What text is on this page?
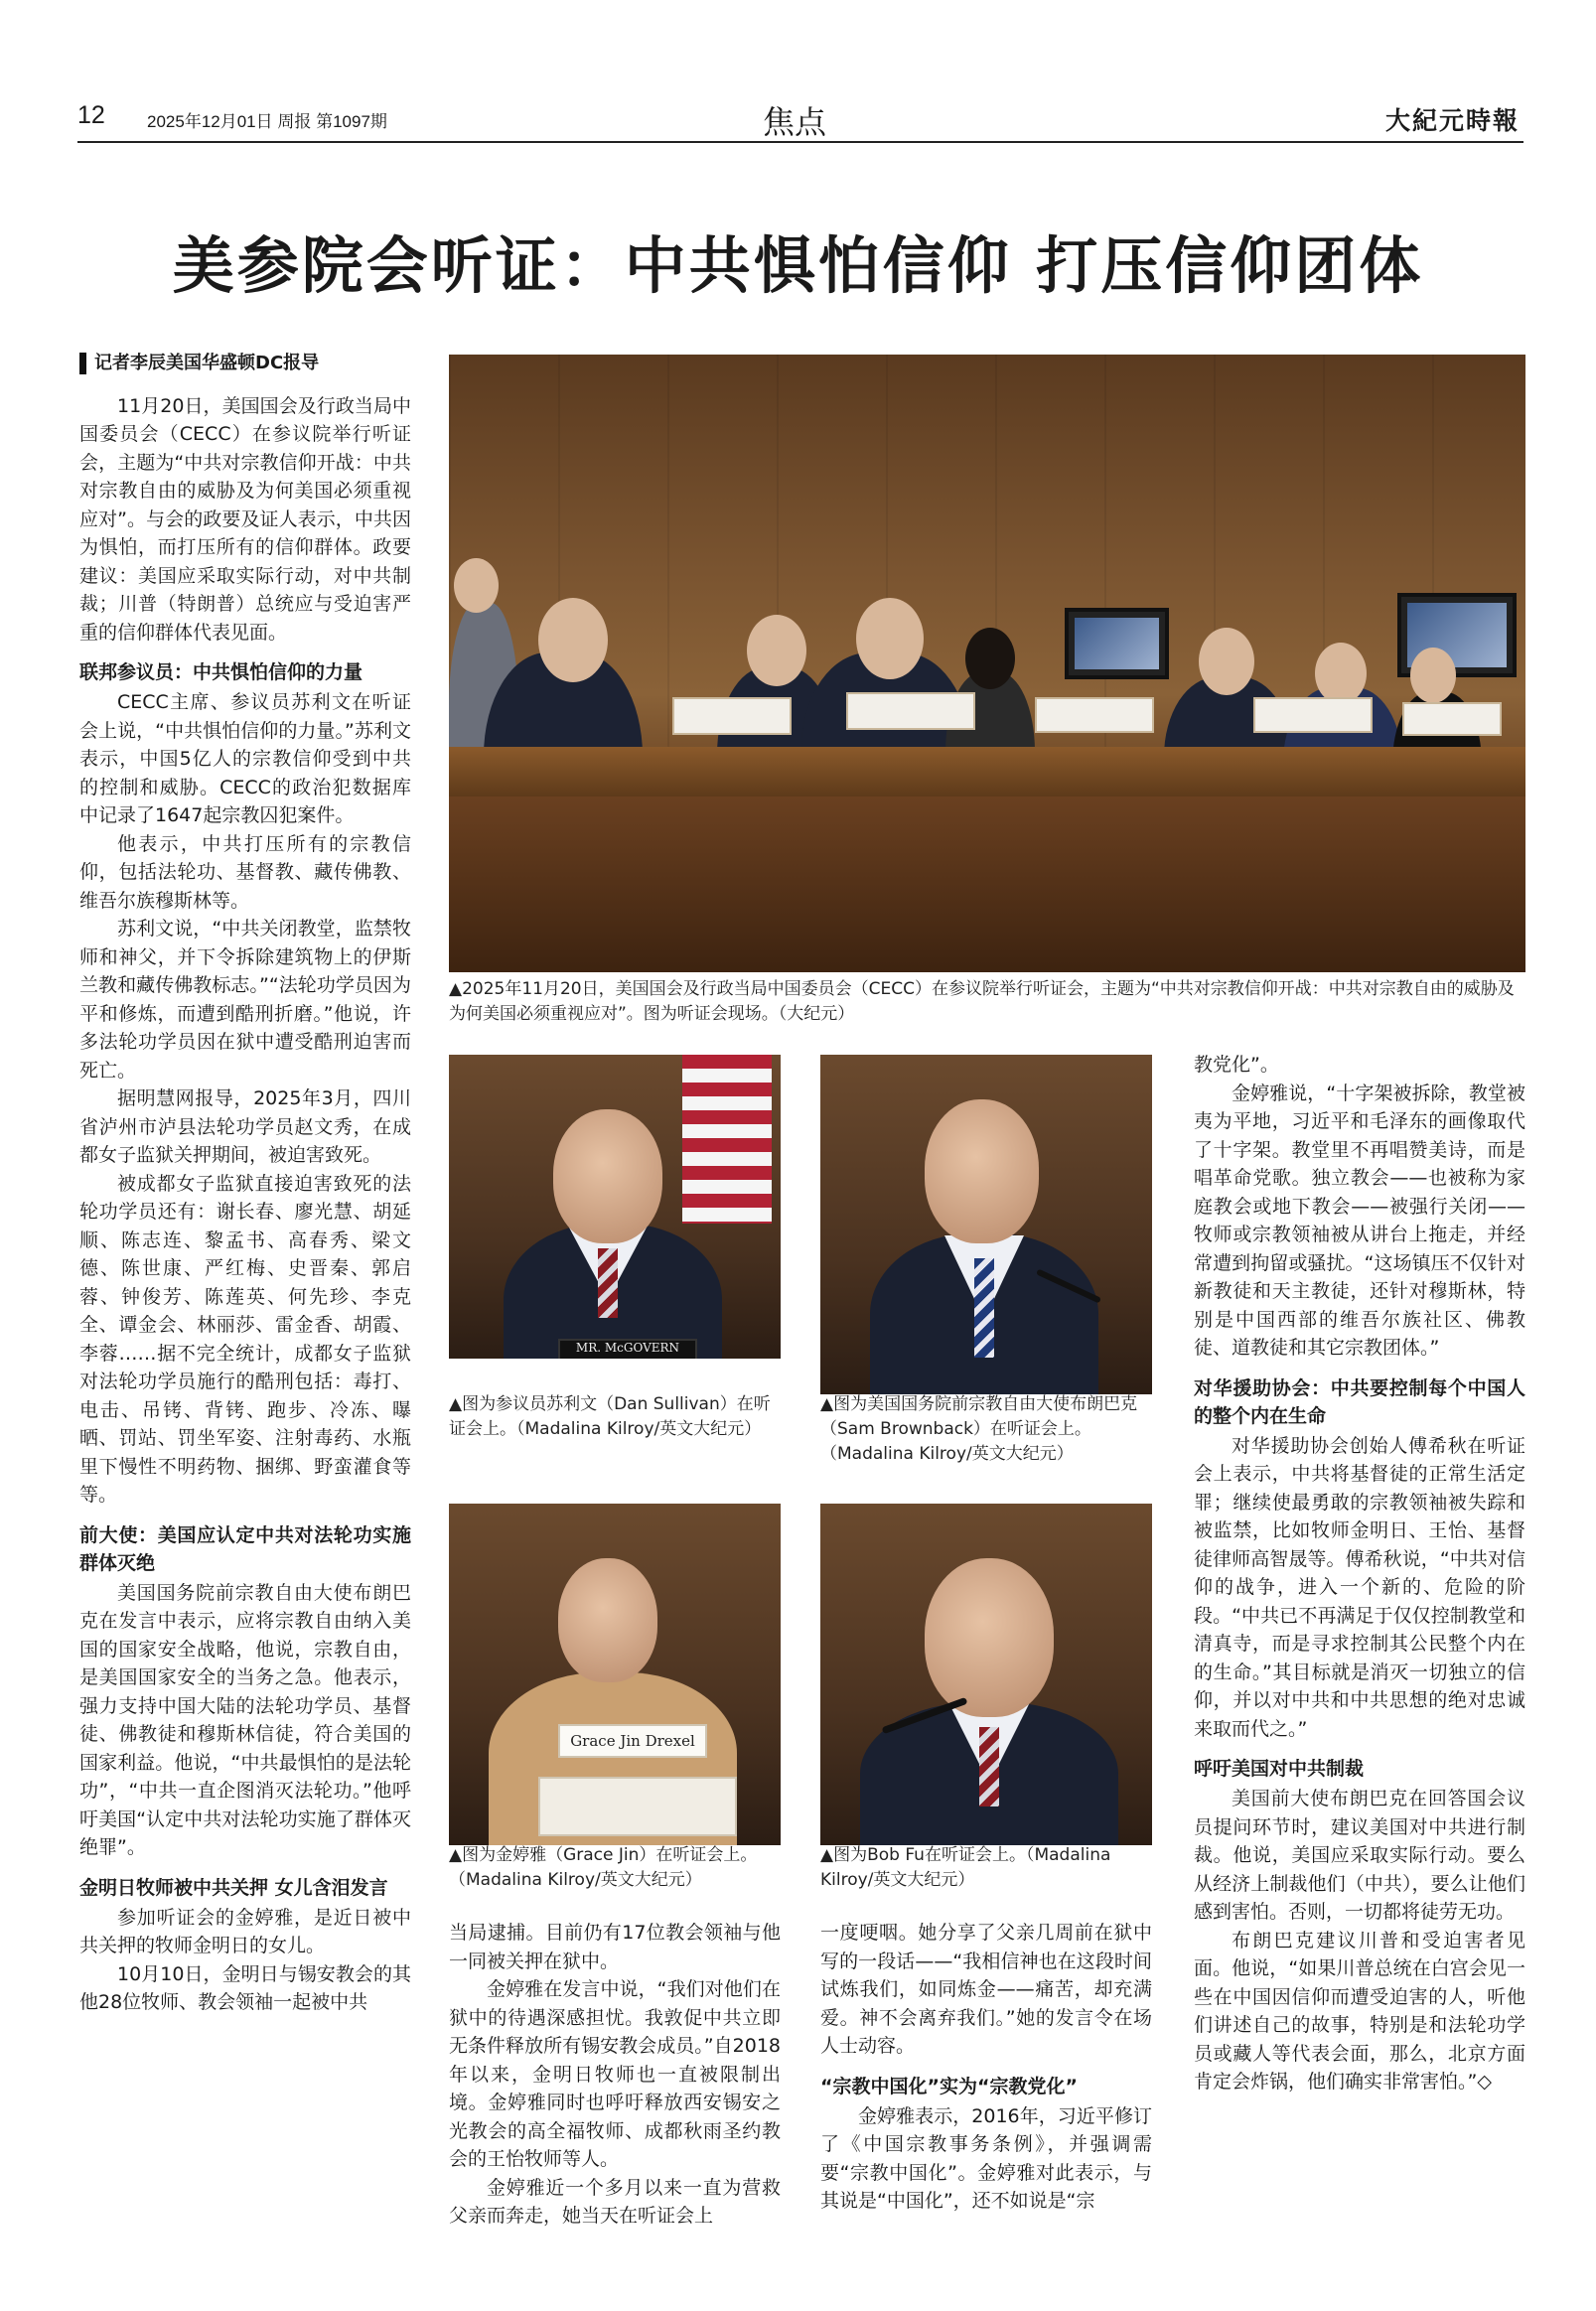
12 2025年12月01日 周报 第1097期	焦点	大紀元時報
美参院会听证：中共惧怕信仰 打压信仰团体
记者李辰美国华盛顿DC报导

11月20日，美国国会及行政当局中国委员会（CECC）在参议院举行听证会，主题为“中共对宗教信仰开战：中共对宗教自由的威胁及为何美国必须重视应对”。与会的政要及证人表示，中共因为惧怕，而打压所有的信仰群体。政要建议：美国应采取实际行动，对中共制裁；川普（特朗普）总统应与受迫害严重的信仰群体代表见面。

联邦参议员：中共惧怕信仰的力量

CECC主席、参议员苏利文在听证会上说，“中共惧怕信仰的力量。”苏利文表示，中国5亿人的宗教信仰受到中共的控制和威胁。CECC的政治犯数据库中记录了1647起宗教囚犯案件。

他表示，中共打压所有的宗教信仰，包括法轮功、基督教、藏传佛教、维吾尔族穆斯林等。

苏利文说，“中共关闭教堂，监禁牧师和神父，并下令拆除建筑物上的伊斯兰教和藏传佛教标志。”“法轮功学员因为平和修炼，而遭到酷刑折磨。”他说，许多法轮功学员因在狱中遭受酷刑迫害而死亡。

据明慧网报导，2025年3月，四川省泸州市泸县法轮功学员赵文秀，在成都女子监狱关押期间，被迫害致死。

被成都女子监狱直接迫害致死的法轮功学员还有：谢长春、廖光慧、胡延顺、陈志连、黎孟书、高春秀、梁文德、陈世康、严红梅、史晋秦、郭启蓉、钟俊芳、陈莲英、何先珍、李克全、谭金会、林丽莎、雷金香、胡霞、李蓉……据不完全统计，成都女子监狱对法轮功学员施行的酷刑包括：毒打、电击、吊铐、背铐、跑步、冷冻、曝晒、罚站、罚坐军姿、注射毒药、水瓶里下慢性不明药物、捆绑、野蛮灌食等等。

前大使：美国应认定中共对法轮功实施群体灭绝

美国国务院前宗教自由大使布朗巴克在发言中表示，应将宗教自由纳入美国的国家安全战略，他说，宗教自由，是美国国家安全的当务之急。他表示，强力支持中国大陆的法轮功学员、基督徒、佛教徒和穆斯林信徒，符合美国的国家利益。他说，“中共最惧怕的是法轮功”，“中共一直企图消灭法轮功。”他呼吁美国“认定中共对法轮功实施了群体灭绝罪”。

金明日牧师被中共关押 女儿含泪发言

参加听证会的金婷雅，是近日被中共关押的牧师金明日的女儿。

10月10日，金明日与锡安教会的其他28位牧师、教会领袖一起被中共

▲2025年11月20日，美国国会及行政当局中国委员会（CECC）在参议院举行听证会，主题为“中共对宗教信仰开战：中共对宗教自由的威胁及为何美国必须重视应对”。图为听证会现场。（大纪元）
MR. McGOVERN
▲图为参议员苏利文（Dan Sullivan）在听证会上。（Madalina Kilroy/英文大纪元）
▲图为美国国务院前宗教自由大使布朗巴克（Sam Brownback）在听证会上。（Madalina Kilroy/英文大纪元）
Grace Jin Drexel
▲图为金婷雅（Grace Jin）在听证会上。（Madalina Kilroy/英文大纪元）
▲图为Bob Fu在听证会上。（Madalina Kilroy/英文大纪元）

当局逮捕。目前仍有17位教会领袖与他一同被关押在狱中。

金婷雅在发言中说，“我们对他们在狱中的待遇深感担忧。我敦促中共立即无条件释放所有锡安教会成员。”自2018年以来，金明日牧师也一直被限制出境。金婷雅同时也呼吁释放西安锡安之光教会的高全福牧师、成都秋雨圣约教会的王怡牧师等人。

金婷雅近一个多月以来一直为营救父亲而奔走，她当天在听证会上

一度哽咽。她分享了父亲几周前在狱中写的一段话——“我相信神也在这段时间试炼我们，如同炼金——痛苦，却充满爱。神不会离弃我们。”她的发言令在场人士动容。

“宗教中国化”实为“宗教党化”

金婷雅表示，2016年，习近平修订了《中国宗教事务条例》，并强调需要“宗教中国化”。金婷雅对此表示，与其说是“中国化”，还不如说是“宗

教党化”。

金婷雅说，“十字架被拆除，教堂被夷为平地，习近平和毛泽东的画像取代了十字架。教堂里不再唱赞美诗，而是唱革命党歌。独立教会——也被称为家庭教会或地下教会——被强行关闭——牧师或宗教领袖被从讲台上拖走，并经常遭到拘留或骚扰。“这场镇压不仅针对新教徒和天主教徒，还针对穆斯林，特别是中国西部的维吾尔族社区、佛教徒、道教徒和其它宗教团体。”

对华援助协会：中共要控制每个中国人的整个内在生命

对华援助协会创始人傅希秋在听证会上表示，中共将基督徒的正常生活定罪；继续使最勇敢的宗教领袖被失踪和被监禁，比如牧师金明日、王怡、基督徒律师高智晟等。傅希秋说，“中共对信仰的战争，进入一个新的、危险的阶段。“中共已不再满足于仅仅控制教堂和清真寺，而是寻求控制其公民整个内在的生命。”其目标就是消灭一切独立的信仰，并以对中共和中共思想的绝对忠诚来取而代之。”

呼吁美国对中共制裁

美国前大使布朗巴克在回答国会议员提问环节时，建议美国对中共进行制裁。他说，美国应采取实际行动。要么从经济上制裁他们（中共），要么让他们感到害怕。否则，一切都将徒劳无功。

布朗巴克建议川普和受迫害者见面。他说，“如果川普总统在白宫会见一些在中国因信仰而遭受迫害的人，听他们讲述自己的故事，特别是和法轮功学员或藏人等代表会面，那么，北京方面肯定会炸锅，他们确实非常害怕。”◇
